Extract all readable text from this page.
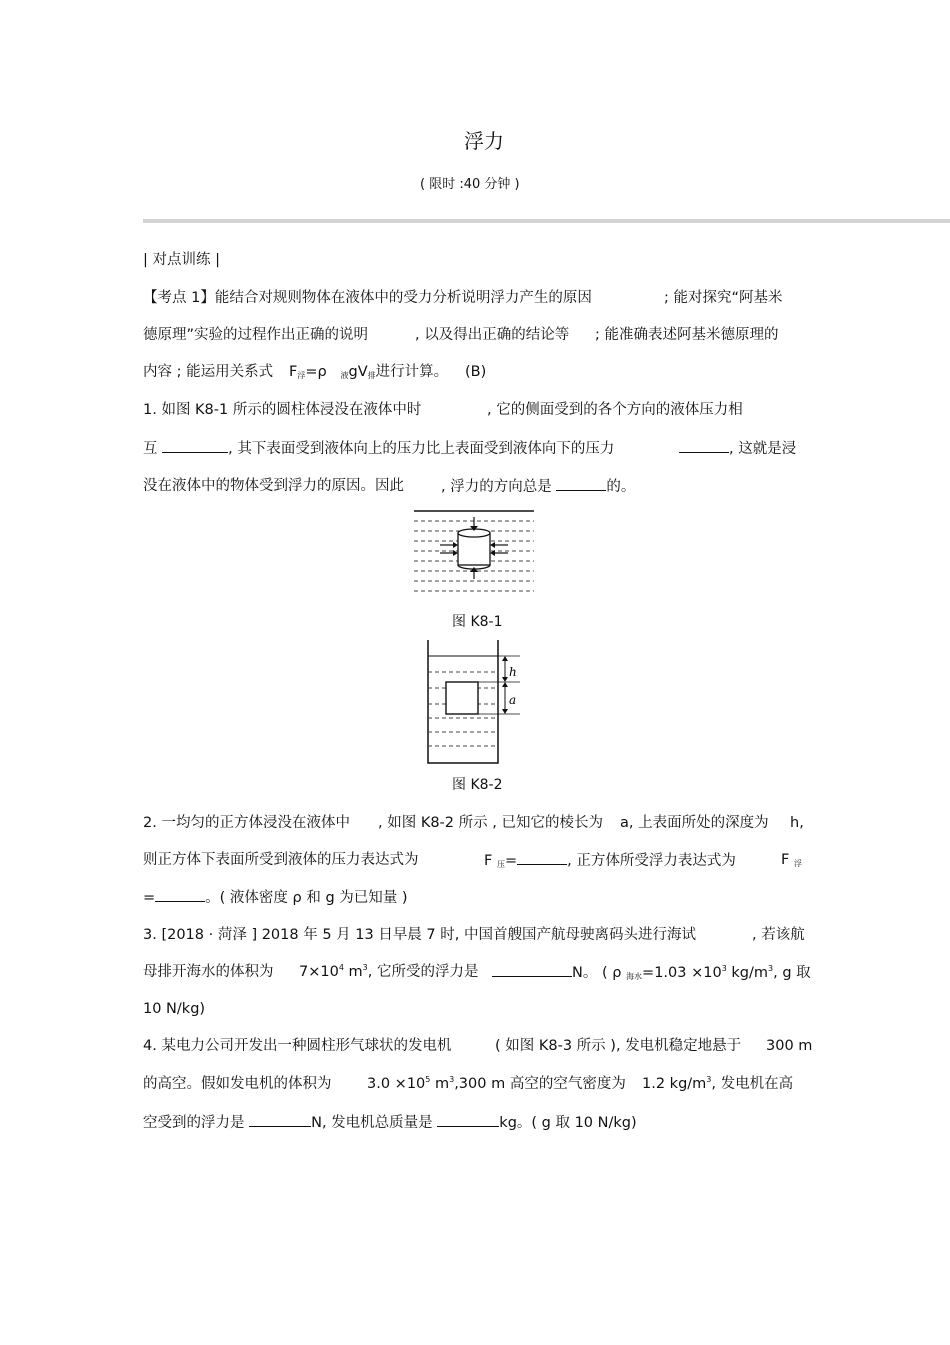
浮力
( 限时 :40 分钟 )
| 对点训练 |
【考点 1】能结合对规则物体在液体中的受力分析说明浮力产生的原因	; 能对探究“阿基米
德原理”实验的过程作出正确的说明	, 以及得出正确的结论等 ; 能准确表述阿基米德原理的
内容 ; 能运用关系式 F浮=ρ 液gV排进行计算。 (B)
1. 如图 K8-1 所示的圆柱体浸没在液体中时	, 它的侧面受到的各个方向的液体压力相
互	, 其下表面受到液体向上的压力比上表面受到液体向下的压力	, 这就是浸
没在液体中的物体受到浮力的原因。因此	, 浮力的方向总是	的。
图 K8-1
h
a
图 K8-2
2. 一均匀的正方体浸没在液体中 , 如图 K8-2 所示 , 已知它的棱长为 a, 上表面所处的深度为 h,
则正方体下表面所受到液体的压力表达式为	F 压=	, 正方体所受浮力表达式为	F 浮
=	。( 液体密度 ρ 和 g 为已知量 )
3. [2018 · 菏泽 ] 2018 年 5 月 13 日早晨 7 时, 中国首艘国产航母驶离码头进行海试	, 若该航
母排开海水的体积为 $7\times 10^4$ $m^3$, 它所受的浮力是	N。 ( ρ 海水$=1.03 \times 10^3$ $kg/m^3$, g 取
10 N/kg)
4. 某电力公司开发出一种圆柱形气球状的发电机	( 如图 K8-3 所示 ), 发电机稳定地悬于 300 m
的高空。假如发电机的体积为 $3.0 \times 10^5$ $m^3,300$ m 高空的空气密度为 1.2 $kg/m^3$, 发电机在高
空受到的浮力是	N, 发电机总质量是	kg。( g 取 10 N/kg)
